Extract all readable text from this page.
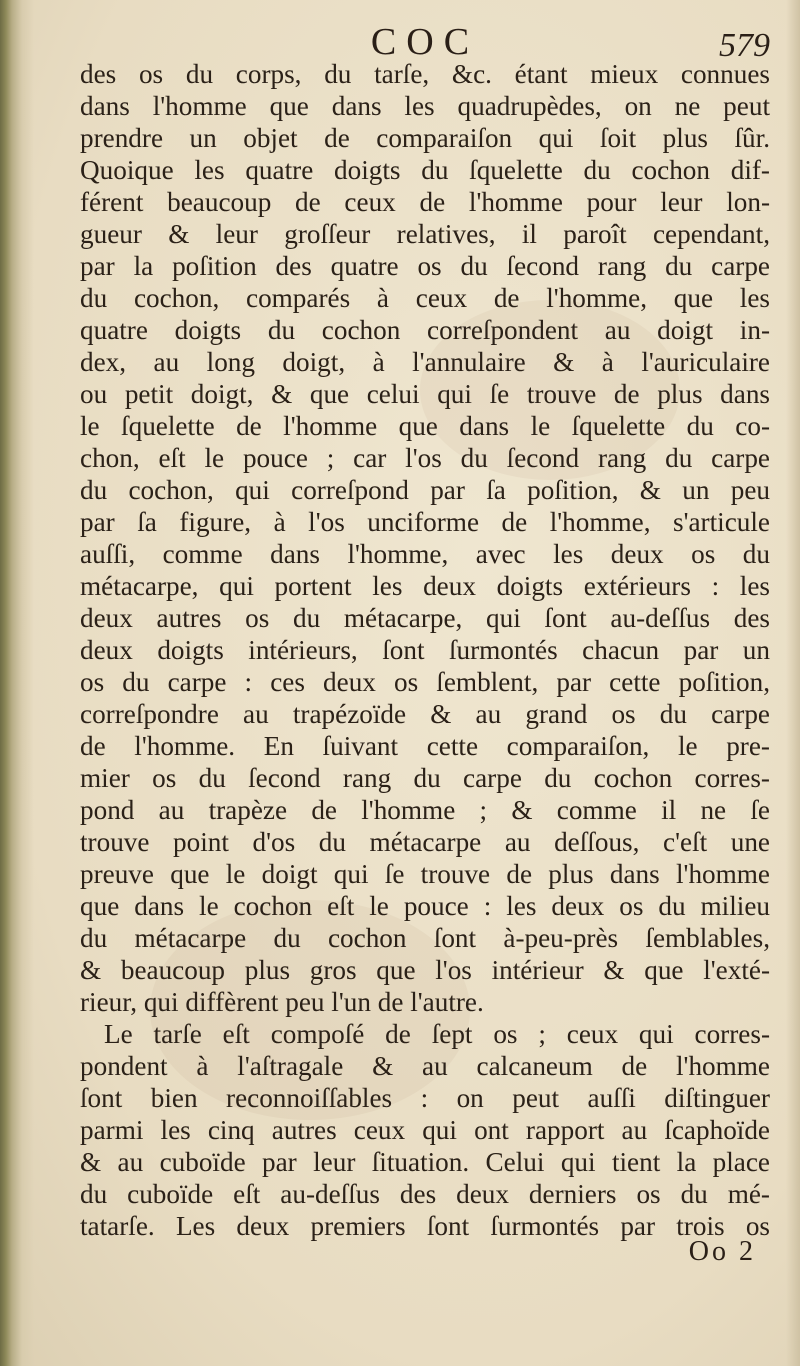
COC	579
des os du corps, du tarſe, &c. étant mieux connues
dans l'homme que dans les quadrupèdes, on ne peut
prendre un objet de comparaiſon qui ſoit plus ſûr.
Quoique les quatre doigts du ſquelette du cochon dif-
férent beaucoup de ceux de l'homme pour leur lon-
gueur & leur groſſeur relatives, il paroît cependant,
par la poſition des quatre os du ſecond rang du carpe
du cochon, comparés à ceux de l'homme, que les
quatre doigts du cochon correſpondent au doigt in-
dex, au long doigt, à l'annulaire & à l'auriculaire
ou petit doigt, & que celui qui ſe trouve de plus dans
le ſquelette de l'homme que dans le ſquelette du co-
chon, eſt le pouce ; car l'os du ſecond rang du carpe
du cochon, qui correſpond par ſa poſition, & un peu
par ſa figure, à l'os unciforme de l'homme, s'articule
auſſi, comme dans l'homme, avec les deux os du
métacarpe, qui portent les deux doigts extérieurs : les
deux autres os du métacarpe, qui ſont au-deſſus des
deux doigts intérieurs, ſont ſurmontés chacun par un
os du carpe : ces deux os ſemblent, par cette poſition,
correſpondre au trapézoïde & au grand os du carpe
de l'homme. En ſuivant cette comparaiſon, le pre-
mier os du ſecond rang du carpe du cochon corres-
pond au trapèze de l'homme ; & comme il ne ſe
trouve point d'os du métacarpe au deſſous, c'eſt une
preuve que le doigt qui ſe trouve de plus dans l'homme
que dans le cochon eſt le pouce : les deux os du milieu
du métacarpe du cochon ſont à-peu-près ſemblables,
& beaucoup plus gros que l'os intérieur & que l'exté-
rieur, qui diffèrent peu l'un de l'autre.
Le tarſe eſt compoſé de ſept os ; ceux qui corres-
pondent à l'aſtragale & au calcaneum de l'homme
ſont bien reconnoiſſables : on peut auſſi diſtinguer
parmi les cinq autres ceux qui ont rapport au ſcaphoïde
& au cuboïde par leur ſituation. Celui qui tient la place
du cuboïde eſt au-deſſus des deux derniers os du mé-
tatarſe. Les deux premiers ſont ſurmontés par trois os
Oo 2
